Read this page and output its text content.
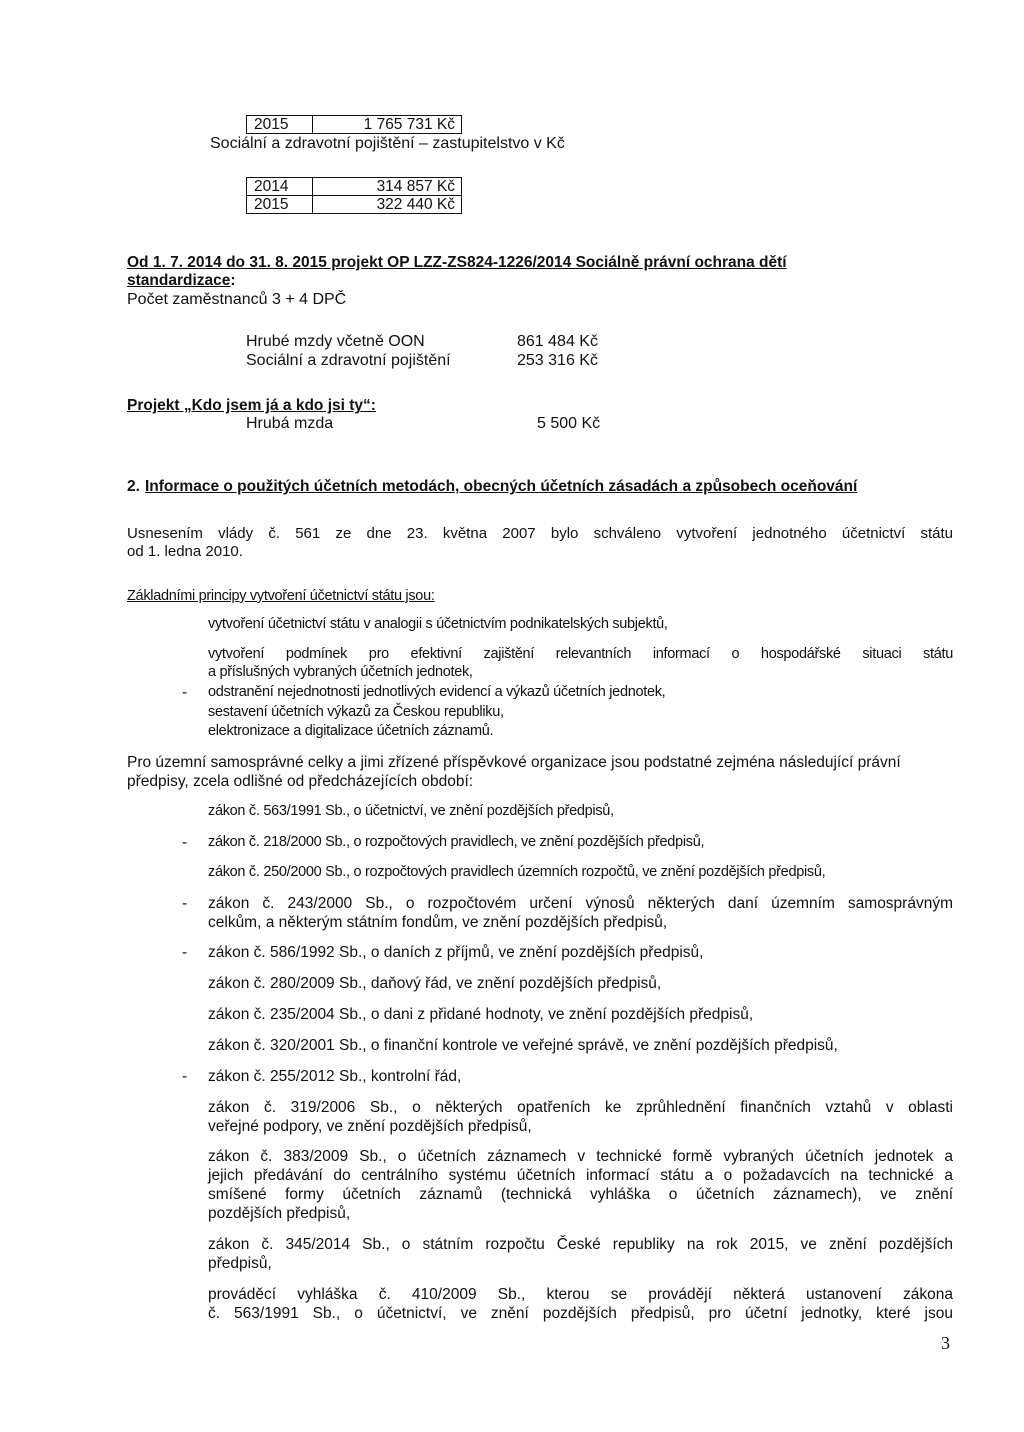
2015	1 765 731 Kč
Sociální a zdravotní pojištění – zastupitelstvo v Kč
2014	314 857 Kč
2015	322 440 Kč
Od 1. 7. 2014 do 31. 8. 2015 projekt OP LZZ-ZS824-1226/2014 Sociálně právní ochrana dětí
standardizace:
Počet zaměstnanců 3 + 4 DPČ
Hrubé mzdy včetně OON	861 484 Kč
Sociální a zdravotní pojištění	253 316 Kč
Projekt „Kdo jsem já a kdo jsi ty“:
Hrubá mzda	5 500 Kč
2. Informace o použitých účetních metodách, obecných účetních zásadách a způsobech oceňování
Usnesením vlády č. 561 ze dne 23. května 2007 bylo schváleno vytvoření jednotného účetnictví státu
od 1. ledna 2010.
Základními principy vytvoření účetnictví státu jsou:
vytvoření účetnictví státu v analogii s účetnictvím podnikatelských subjektů,
vytvoření podmínek pro efektivní zajištění relevantních informací o hospodářské situaci státu
a příslušných vybraných účetních jednotek,
- odstranění nejednotnosti jednotlivých evidencí a výkazů účetních jednotek,
sestavení účetních výkazů za Českou republiku,
elektronizace a digitalizace účetních záznamů.
Pro územní samosprávné celky a jimi zřízené příspěvkové organizace jsou podstatné zejména následující právní
předpisy, zcela odlišné od předcházejících období:
zákon č. 563/1991 Sb., o účetnictví, ve znění pozdějších předpisů,
- zákon č. 218/2000 Sb., o rozpočtových pravidlech, ve znění pozdějších předpisů,
zákon č. 250/2000 Sb., o rozpočtových pravidlech územních rozpočtů, ve znění pozdějších předpisů,
- zákon č. 243/2000 Sb., o rozpočtovém určení výnosů některých daní územním samosprávným
celkům, a některým státním fondům, ve znění pozdějších předpisů,
- zákon č. 586/1992 Sb., o daních z příjmů, ve znění pozdějších předpisů,
zákon č. 280/2009 Sb., daňový řád, ve znění pozdějších předpisů,
zákon č. 235/2004 Sb., o dani z přidané hodnoty, ve znění pozdějších předpisů,
zákon č. 320/2001 Sb., o finanční kontrole ve veřejné správě, ve znění pozdějších předpisů,
- zákon č. 255/2012 Sb., kontrolní řád,
zákon č. 319/2006 Sb., o některých opatřeních ke zprůhlednění finančních vztahů v oblasti
veřejné podpory, ve znění pozdějších předpisů,
zákon č. 383/2009 Sb., o účetních záznamech v technické formě vybraných účetních jednotek a
jejich předávání do centrálního systému účetních informací státu a o požadavcích na technické a
smíšené formy účetních záznamů (technická vyhláška o účetních záznamech), ve znění
pozdějších předpisů,
zákon č. 345/2014 Sb., o státním rozpočtu České republiky na rok 2015, ve znění pozdějších
předpisů,
prováděcí vyhláška č. 410/2009 Sb., kterou se provádějí některá ustanovení zákona
č. 563/1991 Sb., o účetnictví, ve znění pozdějších předpisů, pro účetní jednotky, které jsou
3
